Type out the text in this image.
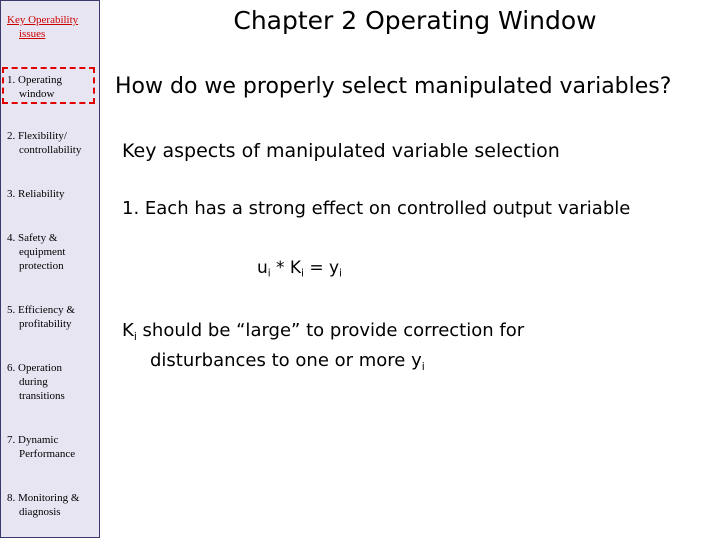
Key Operability
issues
1. Operating
window
2. Flexibility/
controllability
3. Reliability
4. Safety &
equipment
protection
5. Efficiency &
profitability
6. Operation
during
transitions
7. Dynamic
Performance
8. Monitoring &
diagnosis
Chapter 2 Operating Window
How do we properly select manipulated variables?
Key aspects of manipulated variable selection
1. Each has a strong effect on controlled output variable
$u_i * K_i = y_i$
$K_i$ should be “large” to provide correction for
disturbances to one or more $y_i$
